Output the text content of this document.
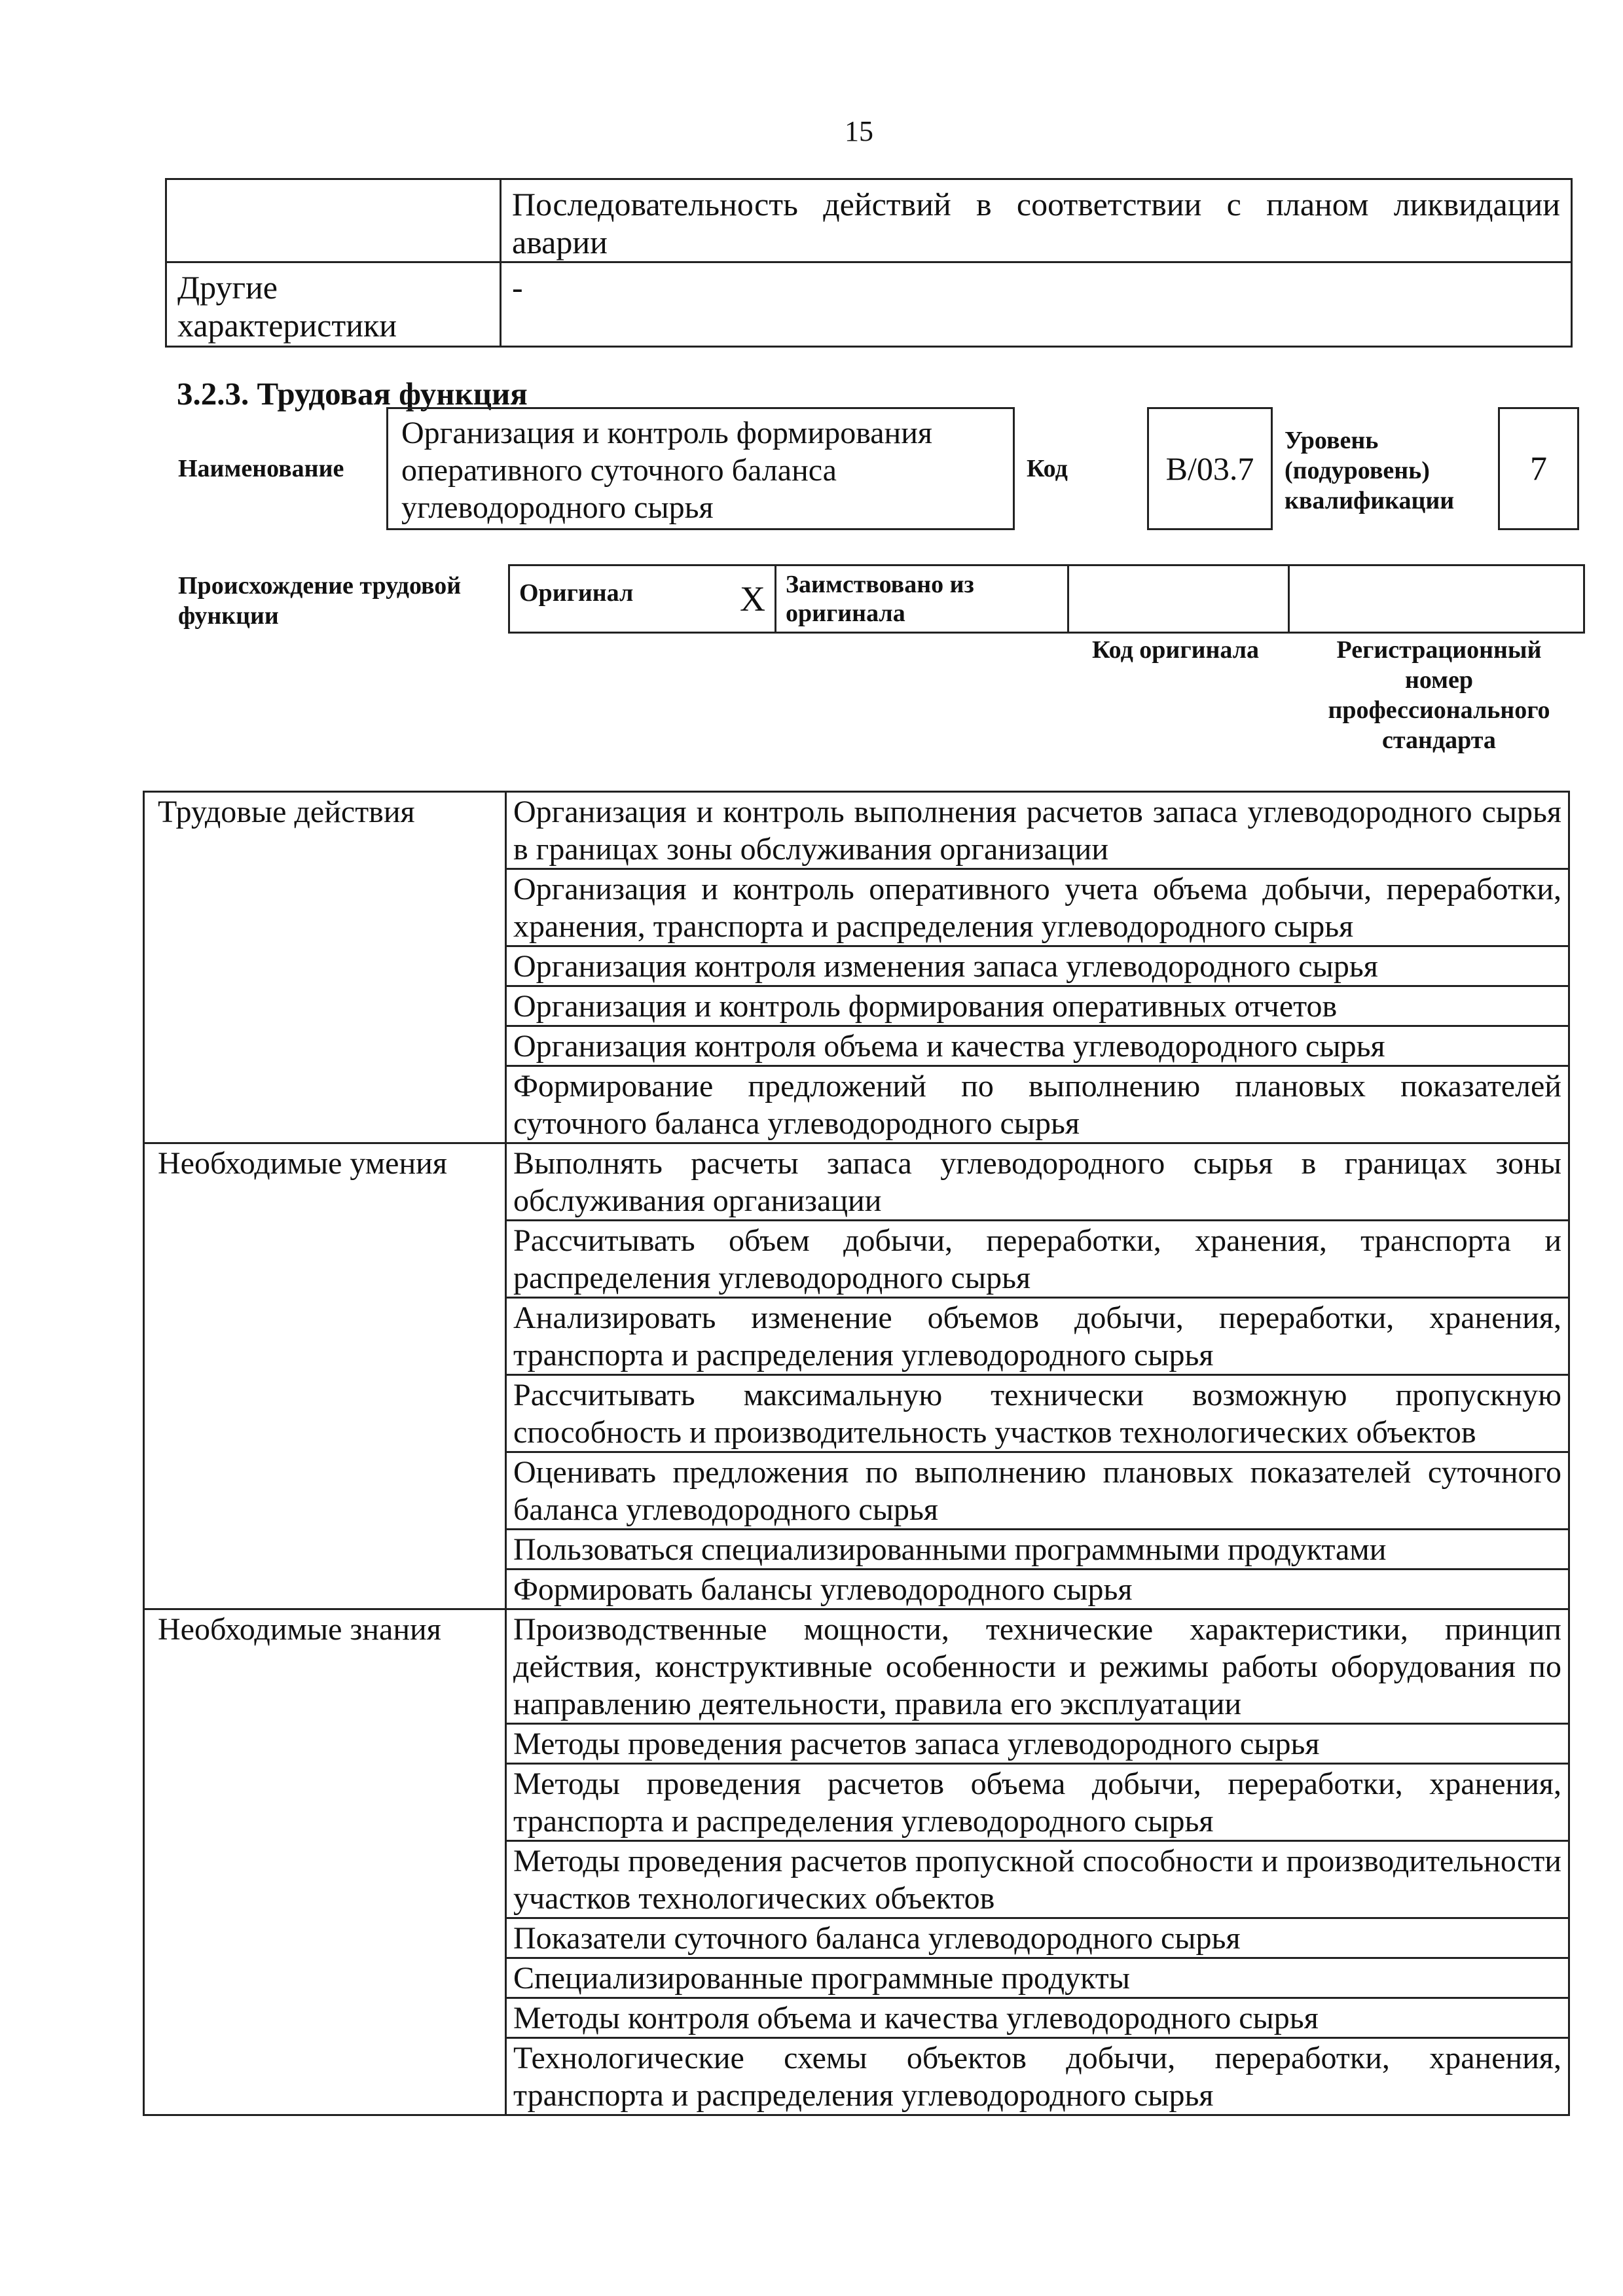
15
	Последовательность действий в соответствии с планом ликвидации аварии
Другие характеристики	-
3.2.3. Трудовая функция
Наименование
Организация и контроль формирования оперативного суточного баланса углеводородного сырья
Код	B/03.7
Уровень (подуровень) квалификации
7
Происхождение трудовой функции
Оригинал	X	Заимствовано из оригинала		
Код оригинала	Регистрационный номер профессионального стандарта
Трудовые действия	Организация и контроль выполнения расчетов запаса углеводородного сырья в границах зоны обслуживания организации
	Организация и контроль оперативного учета объема добычи, переработки, хранения, транспорта и распределения углеводородного сырья
	Организация контроля изменения запаса углеводородного сырья
	Организация и контроль формирования оперативных отчетов
	Организация контроля объема и качества углеводородного сырья
	Формирование предложений по выполнению плановых показателей суточного баланса углеводородного сырья
Необходимые умения	Выполнять расчеты запаса углеводородного сырья в границах зоны обслуживания организации
	Рассчитывать объем добычи, переработки, хранения, транспорта и распределения углеводородного сырья
	Анализировать изменение объемов добычи, переработки, хранения, транспорта и распределения углеводородного сырья
	Рассчитывать максимальную технически возможную пропускную способность и производительность участков технологических объектов
	Оценивать предложения по выполнению плановых показателей суточного баланса углеводородного сырья
	Пользоваться специализированными программными продуктами
	Формировать балансы углеводородного сырья
Необходимые знания	Производственные мощности, технические характеристики, принцип действия, конструктивные особенности и режимы работы оборудования по направлению деятельности, правила его эксплуатации
	Методы проведения расчетов запаса углеводородного сырья
	Методы проведения расчетов объема добычи, переработки, хранения, транспорта и распределения углеводородного сырья
	Методы проведения расчетов пропускной способности и производительности участков технологических объектов
	Показатели суточного баланса углеводородного сырья
	Специализированные программные продукты
	Методы контроля объема и качества углеводородного сырья
	Технологические схемы объектов добычи, переработки, хранения, транспорта и распределения углеводородного сырья
